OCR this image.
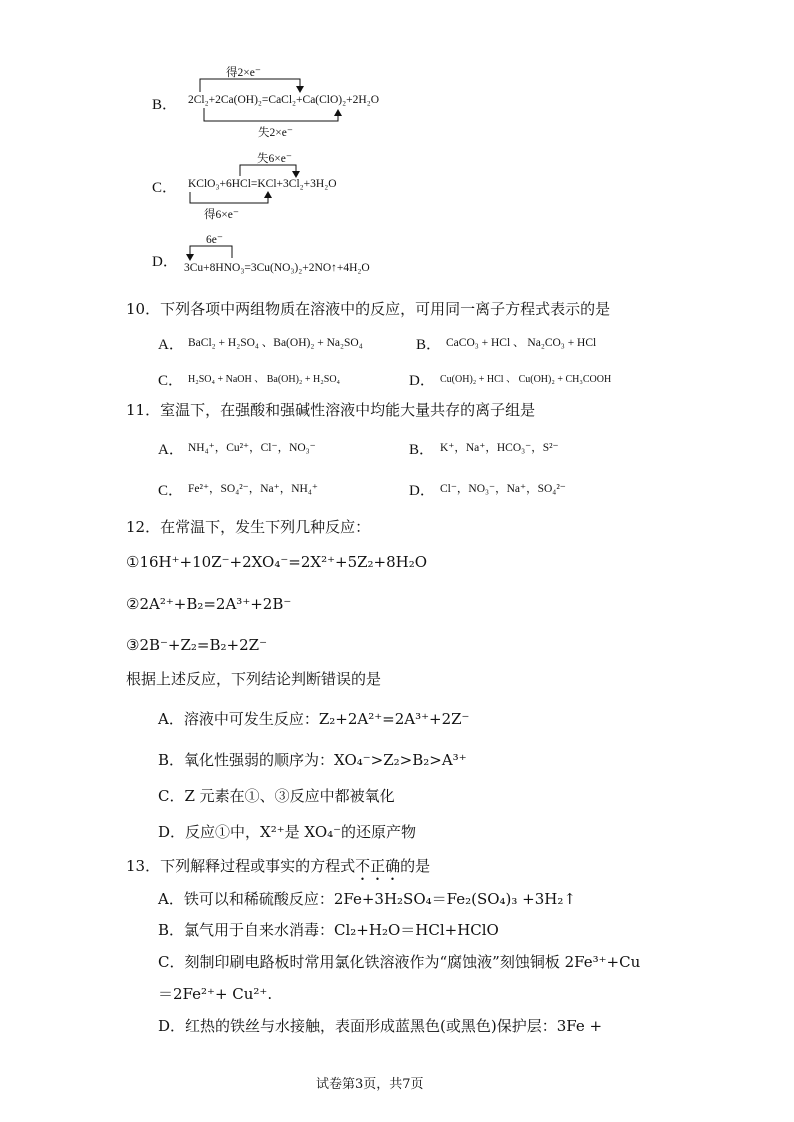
B．
得2×e⁻
2Cl₂+2Ca(OH)₂=CaCl₂+Ca(ClO)₂+2H₂O
失2×e⁻
C．
失6×e⁻
KClO₃+6HCl=KCl+3Cl₂+3H₂O
得6×e⁻
D．
6e⁻
3Cu+8HNO₃=3Cu(NO₃)₂+2NO↑+4H₂O
10．下列各项中两组物质在溶液中的反应，可用同一离子方程式表示的是
A． BaCl₂ + H₂SO₄ 、Ba(OH)₂ + Na₂SO₄	B． CaCO₃ + HCl 、 Na₂CO₃ + HCl
C． H₂SO₄ + NaOH 、 Ba(OH)₂ + H₂SO₄	D． Cu(OH)₂ + HCl 、 Cu(OH)₂ + CH₃COOH
11．室温下，在强酸和强碱性溶液中均能大量共存的离子组是
A． NH₄⁺，Cu²⁺，Cl⁻，NO₃⁻	B． K⁺，Na⁺，HCO₃⁻，S²⁻
C． Fe²⁺，SO₄²⁻，Na⁺，NH₄⁺	D． Cl⁻，NO₃⁻，Na⁺，SO₄²⁻
12．在常温下，发生下列几种反应：
①16H⁺+10Z⁻+2XO₄⁻=2X²⁺+5Z₂+8H₂O
②2A²⁺+B₂=2A³⁺+2B⁻
③2B⁻+Z₂=B₂+2Z⁻
根据上述反应，下列结论判断错误的是
A．溶液中可发生反应：Z₂+2A²⁺=2A³⁺+2Z⁻
B．氧化性强弱的顺序为：XO₄⁻>Z₂>B₂>A³⁺
C．Z 元素在①、③反应中都被氧化
D．反应①中，X²⁺是 XO₄⁻的还原产物
13．下列解释过程或事实的方程式不正确的是
A．铁可以和稀硫酸反应：2Fe+3H₂SO₄＝Fe₂(SO₄)₃ +3H₂↑
B．氯气用于自来水消毒：Cl₂+H₂O＝HCl+HClO
C．刻制印刷电路板时常用氯化铁溶液作为“腐蚀液”刻蚀铜板 2Fe³⁺+Cu
＝2Fe²⁺+ Cu²⁺.
D．红热的铁丝与水接触，表面形成蓝黑色(或黑色)保护层：3Fe +
试卷第3页，共7页
